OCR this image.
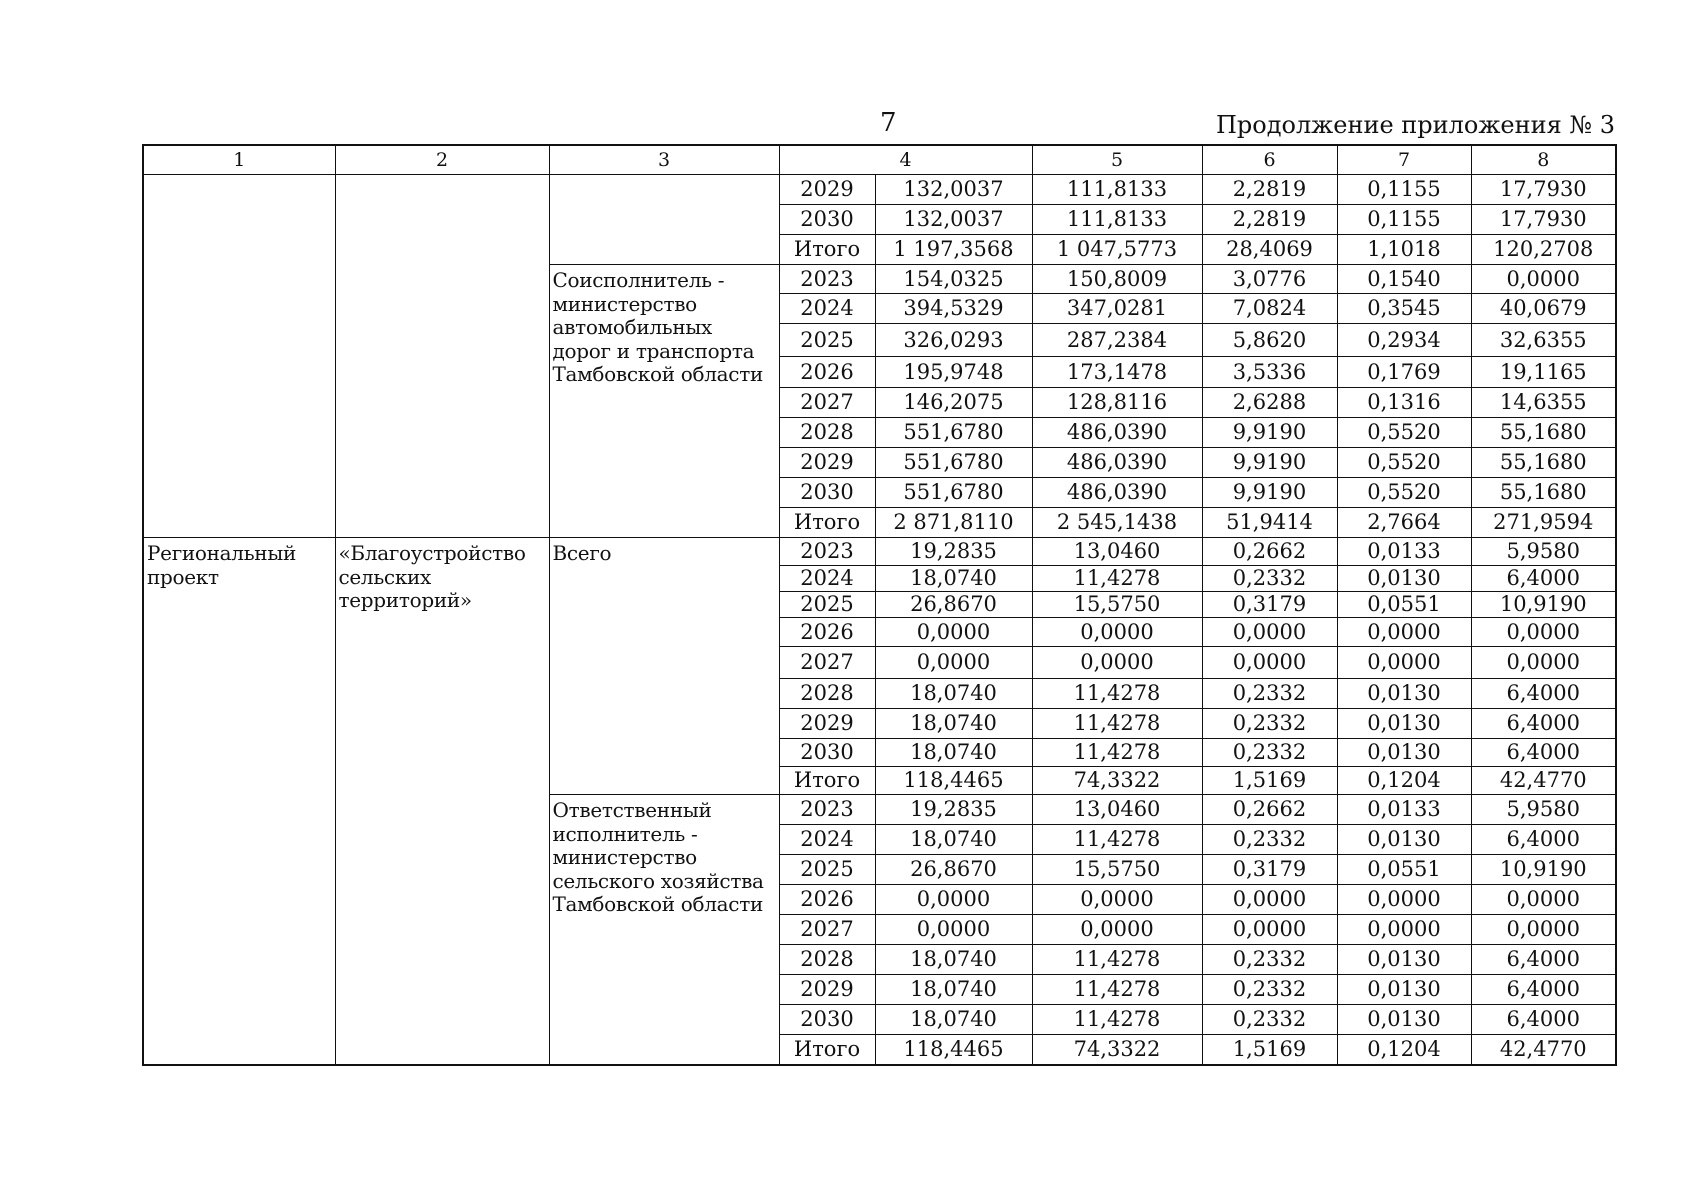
7	Продолжение приложения № 3
1	2	3	4		5	6	7	8
			2029	132,0037	111,8133	2,2819	0,1155	17,7930
			2030	132,0037	111,8133	2,2819	0,1155	17,7930
			Итого	1 197,3568	1 047,5773	28,4069	1,1018	120,2708
		Соисполнитель - министерство автомобильных дорог и транспорта Тамбовской области	2023	154,0325	150,8009	3,0776	0,1540	0,0000
			2024	394,5329	347,0281	7,0824	0,3545	40,0679
			2025	326,0293	287,2384	5,8620	0,2934	32,6355
			2026	195,9748	173,1478	3,5336	0,1769	19,1165
			2027	146,2075	128,8116	2,6288	0,1316	14,6355
			2028	551,6780	486,0390	9,9190	0,5520	55,1680
			2029	551,6780	486,0390	9,9190	0,5520	55,1680
			2030	551,6780	486,0390	9,9190	0,5520	55,1680
			Итого	2 871,8110	2 545,1438	51,9414	2,7664	271,9594
Региональный проект	«Благоустройство сельских территорий»	Всего	2023	19,2835	13,0460	0,2662	0,0133	5,9580
			2024	18,0740	11,4278	0,2332	0,0130	6,4000
			2025	26,8670	15,5750	0,3179	0,0551	10,9190
			2026	0,0000	0,0000	0,0000	0,0000	0,0000
			2027	0,0000	0,0000	0,0000	0,0000	0,0000
			2028	18,0740	11,4278	0,2332	0,0130	6,4000
			2029	18,0740	11,4278	0,2332	0,0130	6,4000
			2030	18,0740	11,4278	0,2332	0,0130	6,4000
			Итого	118,4465	74,3322	1,5169	0,1204	42,4770
		Ответственный исполнитель - министерство сельского хозяйства Тамбовской области	2023	19,2835	13,0460	0,2662	0,0133	5,9580
			2024	18,0740	11,4278	0,2332	0,0130	6,4000
			2025	26,8670	15,5750	0,3179	0,0551	10,9190
			2026	0,0000	0,0000	0,0000	0,0000	0,0000
			2027	0,0000	0,0000	0,0000	0,0000	0,0000
			2028	18,0740	11,4278	0,2332	0,0130	6,4000
			2029	18,0740	11,4278	0,2332	0,0130	6,4000
			2030	18,0740	11,4278	0,2332	0,0130	6,4000
			Итого	118,4465	74,3322	1,5169	0,1204	42,4770
